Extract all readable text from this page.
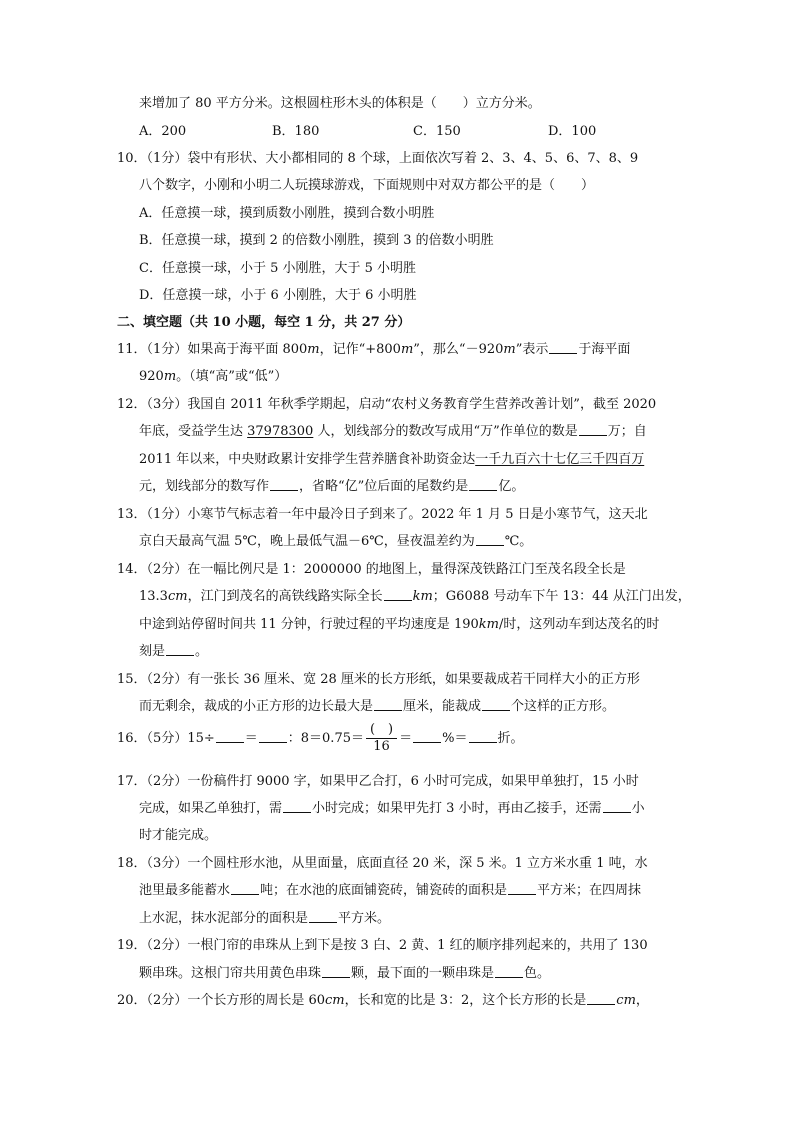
来增加了 80 平方分米。这根圆柱形木头的体积是（　　）立方分米。
A．200	B．180	C．150	D．100
10．（1分）袋中有形状、大小都相同的 8 个球，上面依次写着 2、3、4、5、6、7、8、9
八个数字，小刚和小明二人玩摸球游戏，下面规则中对双方都公平的是（　　）
A．任意摸一球，摸到质数小刚胜，摸到合数小明胜
B．任意摸一球，摸到 2 的倍数小刚胜，摸到 3 的倍数小明胜
C．任意摸一球，小于 5 小刚胜，大于 5 小明胜
D．任意摸一球，小于 6 小刚胜，大于 6 小明胜
二、填空题（共 10 小题，每空 1 分，共 27 分）
11．（1分）如果高于海平面 800m，记作“+800m”，那么“－920m”表示 于海平面
920m。（填“高”或“低”）
12．（3分）我国自 2011 年秋季学期起，启动“农村义务教育学生营养改善计划”，截至 2020
年底，受益学生达 37978300 人，划线部分的数改写成用“万”作单位的数是 万；自
2011 年以来，中央财政累计安排学生营养膳食补助资金达一千九百六十七亿三千四百万
元，划线部分的数写作 ，省略“亿”位后面的尾数约是 亿。
13．（1分）小寒节气标志着一年中最冷日子到来了。2022 年 1 月 5 日是小寒节气，这天北
京白天最高气温 5℃，晚上最低气温－6℃，昼夜温差约为 ℃。
14．（2分）在一幅比例尺是 1：2000000 的地图上，量得深茂铁路江门至茂名段全长是
13.3cm，江门到茂名的高铁线路实际全长 km；G6088 号动车下午 13：44 从江门出发，
中途到站停留时间共 11 分钟，行驶过程的平均速度是 190km/时，这列动车到达茂名的时
刻是 。
15．（2分）有一张长 36 厘米、宽 28 厘米的长方形纸，如果要裁成若干同样大小的正方形
而无剩余，裁成的小正方形的边长最大是 厘米，能裁成 个这样的正方形。
16．（5分）15÷ ＝ ：$8=0.75= \frac{( )}{16}$ ＝ %＝ 折。
17．（2分）一份稿件打 9000 字，如果甲乙合打，6 小时可完成，如果甲单独打，15 小时
完成，如果乙单独打，需 小时完成；如果甲先打 3 小时，再由乙接手，还需 小
时才能完成。
18．（3分）一个圆柱形水池，从里面量，底面直径 20 米，深 5 米。1 立方米水重 1 吨，水
池里最多能蓄水 吨；在水池的底面铺瓷砖，铺瓷砖的面积是 平方米；在四周抹
上水泥，抹水泥部分的面积是 平方米。
19．（2分）一根门帘的串珠从上到下是按 3 白、2 黄、1 红的顺序排列起来的，共用了 130
颗串珠。这根门帘共用黄色串珠 颗，最下面的一颗串珠是 色。
20．（2分）一个长方形的周长是 60cm，长和宽的比是 3：2，这个长方形的长是 cm，
